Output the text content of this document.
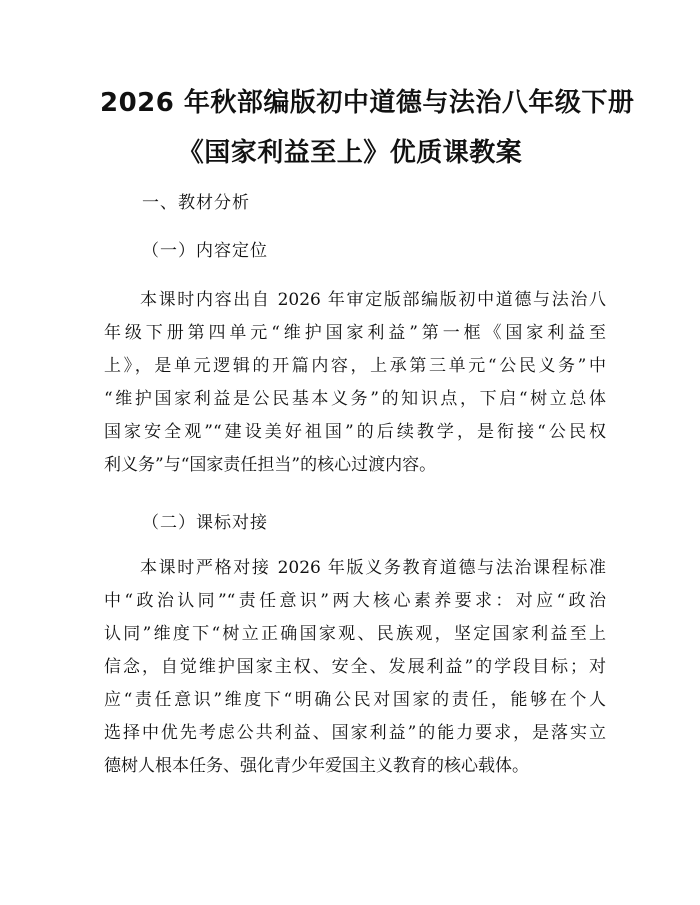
2026 年秋部编版初中道德与法治八年级下册
《国家利益至上》优质课教案
一、教材分析
（一）内容定位
本课时内容出自 2026 年审定版部编版初中道德与法治八
年级下册第四单元“维护国家利益”第一框《国家利益至
上》，是单元逻辑的开篇内容，上承第三单元“公民义务”中
“维护国家利益是公民基本义务”的知识点，下启“树立总体
国家安全观”“建设美好祖国”的后续教学，是衔接“公民权
利义务”与“国家责任担当”的核心过渡内容。
（二）课标对接
本课时严格对接 2026 年版义务教育道德与法治课程标准
中“政治认同”“责任意识”两大核心素养要求：对应“政治
认同”维度下“树立正确国家观、民族观，坚定国家利益至上
信念，自觉维护国家主权、安全、发展利益”的学段目标；对
应“责任意识”维度下“明确公民对国家的责任，能够在个人
选择中优先考虑公共利益、国家利益”的能力要求，是落实立
德树人根本任务、强化青少年爱国主义教育的核心载体。
